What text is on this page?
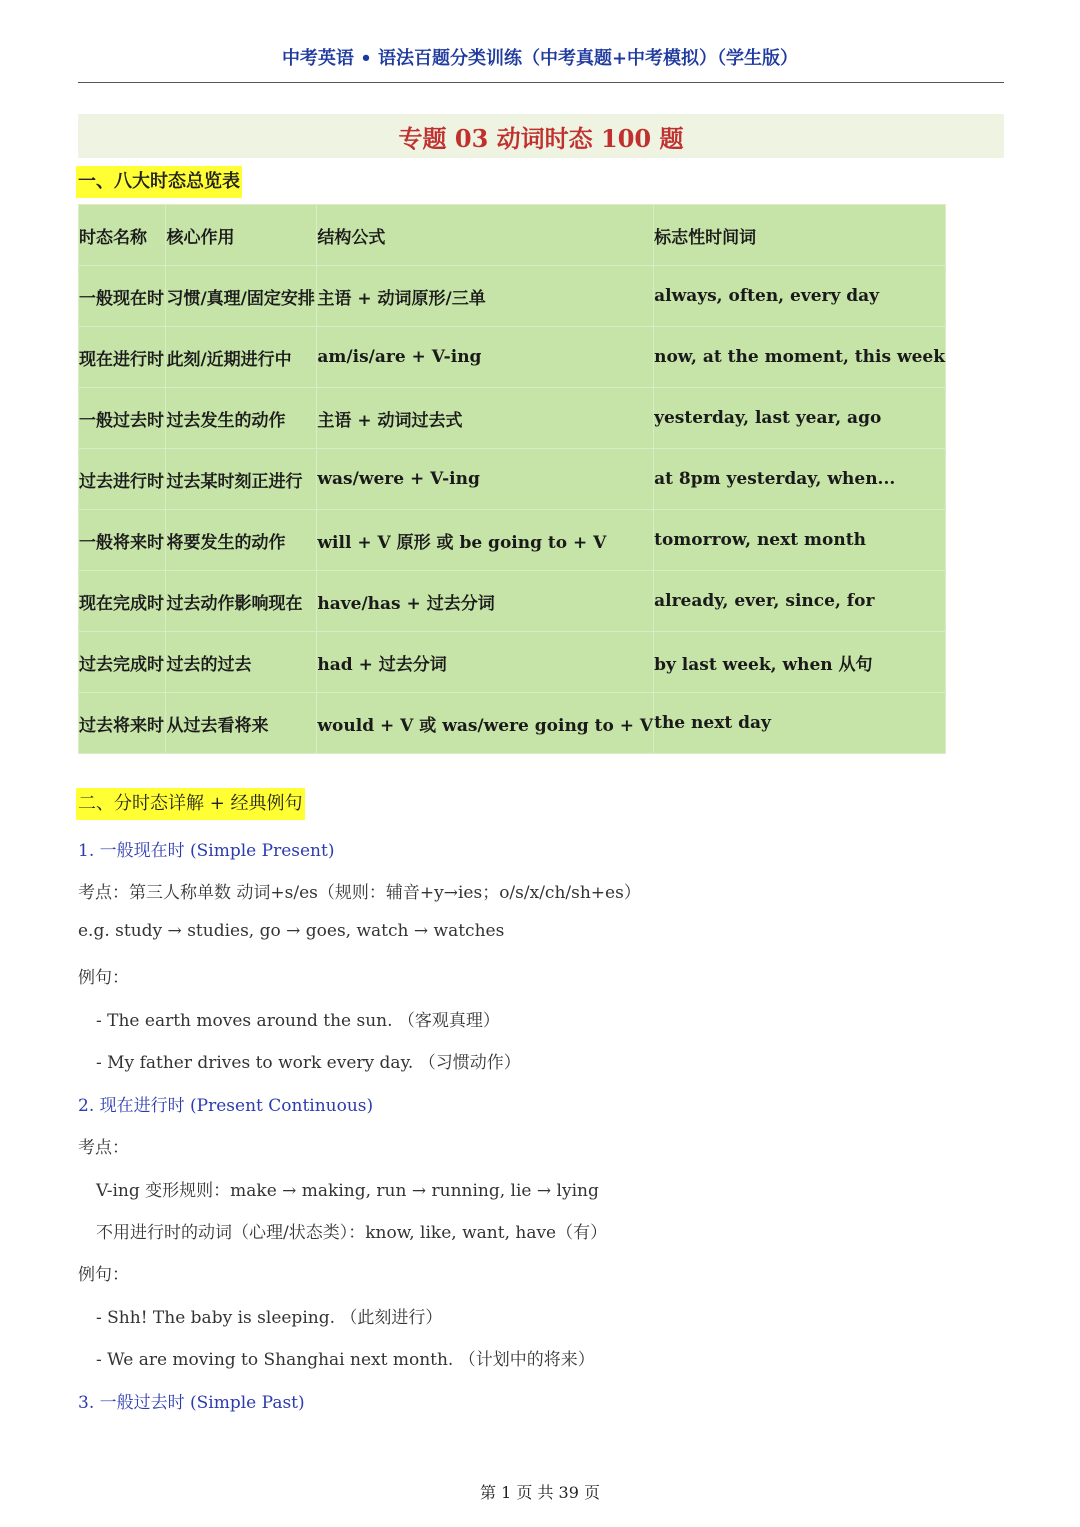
中考英语 • 语法百题分类训练（中考真题+中考模拟）（学生版）
专题 03 动词时态 100 题
一、八大时态总览表
时态名称	核心作用	结构公式	标志性时间词
一般现在时	习惯/真理/固定安排	主语 + 动词原形/三单	always, often, every day
现在进行时	此刻/近期进行中	am/is/are + V-ing	now, at the moment, this week
一般过去时	过去发生的动作	主语 + 动词过去式	yesterday, last year, ago
过去进行时	过去某时刻正进行	was/were + V-ing	at 8pm yesterday, when...
一般将来时	将要发生的动作	will + V 原形 或 be going to + V	tomorrow, next month
现在完成时	过去动作影响现在	have/has + 过去分词	already, ever, since, for
过去完成时	过去的过去	had + 过去分词	by last week, when 从句
过去将来时	从过去看将来	would + V 或 was/were going to + V	the next day
二、分时态详解 + 经典例句
1. 一般现在时 (Simple Present)
考点：第三人称单数 动词+s/es（规则：辅音+y→ies；o/s/x/ch/sh+es）
e.g. study → studies, go → goes, watch → watches
例句：
- The earth moves around the sun. （客观真理）
- My father drives to work every day. （习惯动作）
2. 现在进行时 (Present Continuous)
考点：
V-ing 变形规则：make → making, run → running, lie → lying
不用进行时的动词（心理/状态类）：know, like, want, have（有）
例句：
- Shh! The baby is sleeping. （此刻进行）
- We are moving to Shanghai next month. （计划中的将来）
3. 一般过去时 (Simple Past)
第 1 页 共 39 页
